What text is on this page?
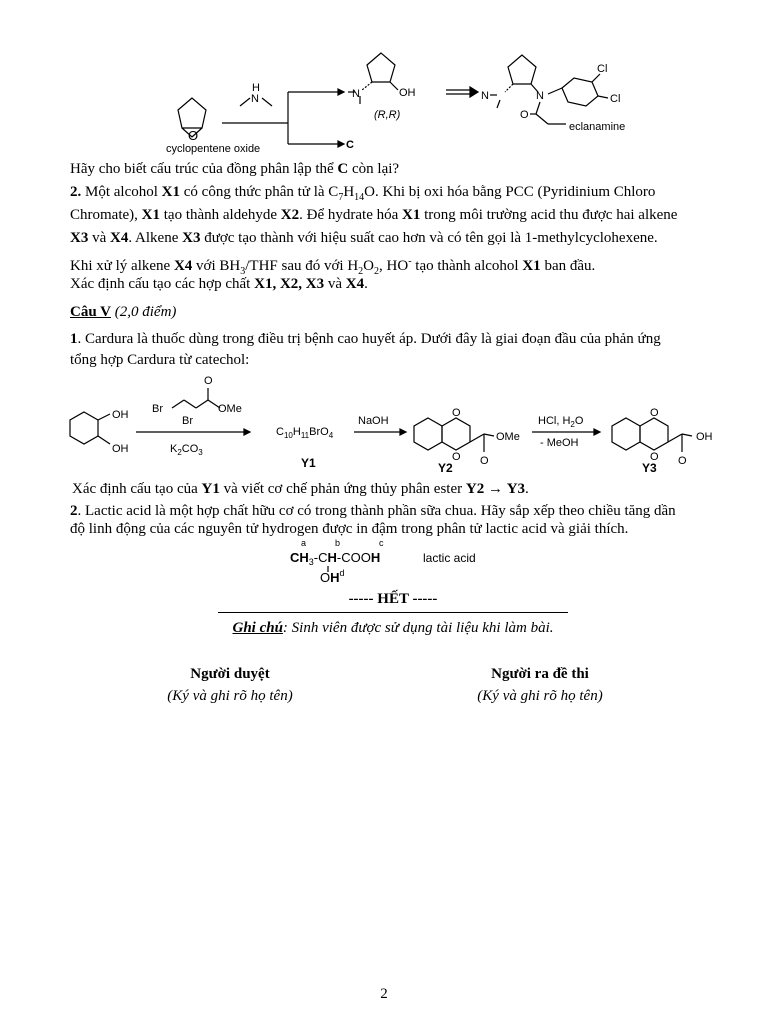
O
cyclopentene oxide
H
N	N	OH
(R,R)
C
N	N
O
Cl
Cl
eclanamine
Hãy cho biết cấu trúc của đồng phân lập thể C còn lại?
2. Một alcohol X1 có công thức phân tử là $C_7H_{14}O$. Khi bị oxi hóa bằng PCC (Pyridinium Chloro
Chromate), X1 tạo thành aldehyde X2. Để hydrate hóa X1 trong môi trường acid thu được hai alkene
X3 và X4. Alkene X3 được tạo thành với hiệu suất cao hơn và có tên gọi là 1-methylcyclohexene.
Khi xử lý alkene X4 với $BH_3$/THF sau đó với $H_2O_2$, HO- tạo thành alcohol X1 ban đầu.
Xác định cấu tạo các hợp chất X1, X2, X3 và X4.
Câu V (2,0 điểm)
1. Cardura là thuốc dùng trong điều trị bệnh cao huyết áp. Dưới đây là giai đoạn đầu của phản ứng
tổng hợp Cardura từ catechol:
OH
OH
Br
Br
O
OMe
$K_2CO_3$
$C_{10}H_{11}BrO_4$
Y1
NaOH
O
O O
OMe
Y2
HCl, $H_2O$
- MeOH
O
O O
OH
Y3
Xác định cấu tạo của Y1 và viết cơ chế phản ứng thủy phân ester Y2 → Y3.
2. Lactic acid là một hợp chất hữu cơ có trong thành phần sữa chua. Hãy sắp xếp theo chiều tăng dần
độ linh động của các nguyên tử hydrogen được in đậm trong phân tử lactic acid và giải thích.
a	b	c
$CH_3-CH$-COOH
$OH^d$
lactic acid
----- HẾT -----
Ghi chú: Sinh viên được sử dụng tài liệu khi làm bài.
Người duyệt
(Ký và ghi rõ họ tên)
Người ra đề thi
(Ký và ghi rõ họ tên)
2
